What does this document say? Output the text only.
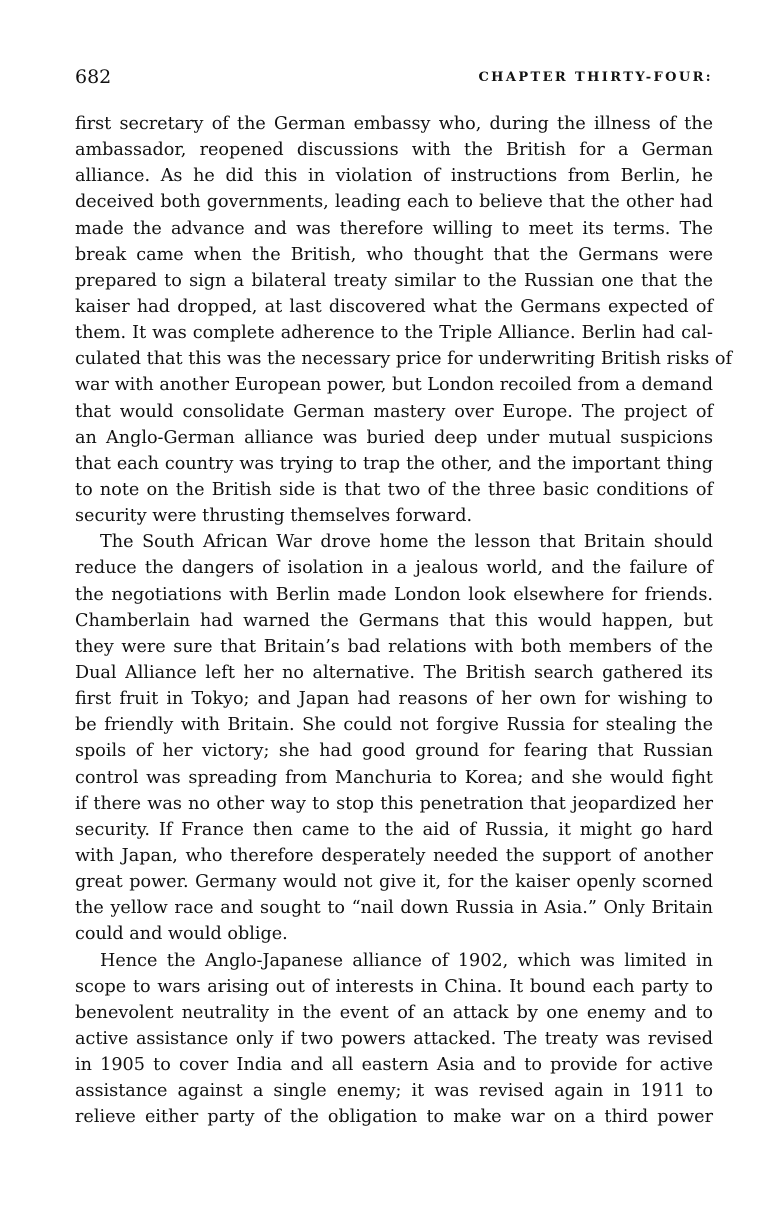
682	CHAPTER THIRTY-FOUR:
first secretary of the German embassy who, during the illness of the
ambassador, reopened discussions with the British for a German
alliance. As he did this in violation of instructions from Berlin, he
deceived both governments, leading each to believe that the other had
made the advance and was therefore willing to meet its terms. The
break came when the British, who thought that the Germans were
prepared to sign a bilateral treaty similar to the Russian one that the
kaiser had dropped, at last discovered what the Germans expected of
them. It was complete adherence to the Triple Alliance. Berlin had cal-
culated that this was the necessary price for underwriting British risks of
war with another European power, but London recoiled from a demand
that would consolidate German mastery over Europe. The project of
an Anglo-German alliance was buried deep under mutual suspicions
that each country was trying to trap the other, and the important thing
to note on the British side is that two of the three basic conditions of
security were thrusting themselves forward.
The South African War drove home the lesson that Britain should
reduce the dangers of isolation in a jealous world, and the failure of
the negotiations with Berlin made London look elsewhere for friends.
Chamberlain had warned the Germans that this would happen, but
they were sure that Britain’s bad relations with both members of the
Dual Alliance left her no alternative. The British search gathered its
first fruit in Tokyo; and Japan had reasons of her own for wishing to
be friendly with Britain. She could not forgive Russia for stealing the
spoils of her victory; she had good ground for fearing that Russian
control was spreading from Manchuria to Korea; and she would fight
if there was no other way to stop this penetration that jeopardized her
security. If France then came to the aid of Russia, it might go hard
with Japan, who therefore desperately needed the support of another
great power. Germany would not give it, for the kaiser openly scorned
the yellow race and sought to “nail down Russia in Asia.” Only Britain
could and would oblige.
Hence the Anglo-Japanese alliance of 1902, which was limited in
scope to wars arising out of interests in China. It bound each party to
benevolent neutrality in the event of an attack by one enemy and to
active assistance only if two powers attacked. The treaty was revised
in 1905 to cover India and all eastern Asia and to provide for active
assistance against a single enemy; it was revised again in 1911 to
relieve either party of the obligation to make war on a third power
